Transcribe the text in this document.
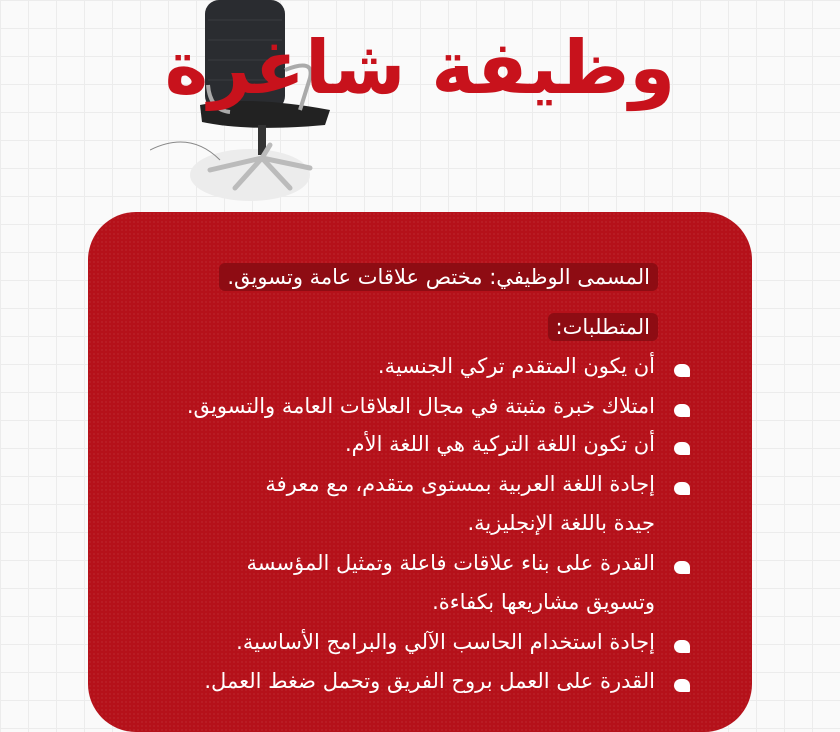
وظيفة شاغرة
المسمى الوظيفي: مختص علاقات عامة وتسويق.
المتطلبات:
أن يكون المتقدم تركي الجنسية.
امتلاك خبرة مثبتة في مجال العلاقات العامة والتسويق.
أن تكون اللغة التركية هي اللغة الأم.
إجادة اللغة العربية بمستوى متقدم، مع معرفة
جيدة باللغة الإنجليزية.
القدرة على بناء علاقات فاعلة وتمثيل المؤسسة
وتسويق مشاريعها بكفاءة.
إجادة استخدام الحاسب الآلي والبرامج الأساسية.
القدرة على العمل بروح الفريق وتحمل ضغط العمل.
